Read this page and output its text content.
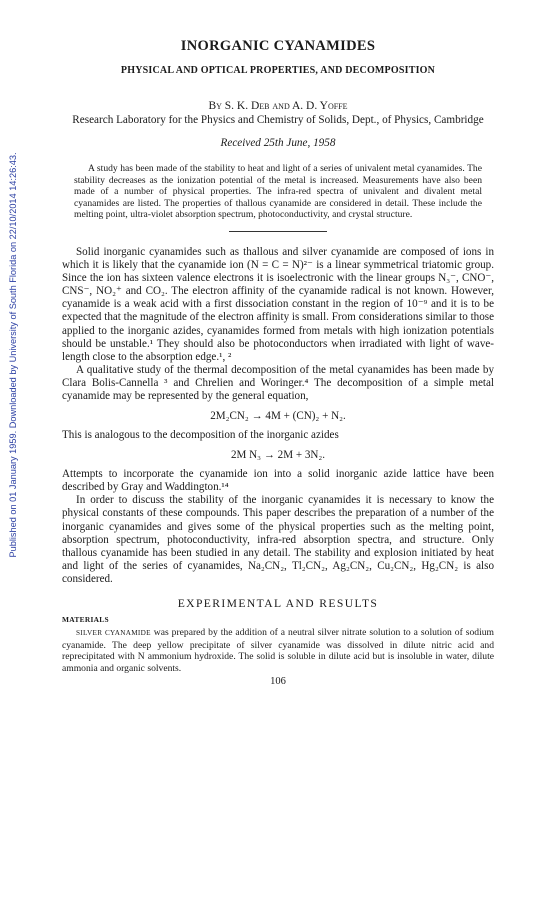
Published on 01 January 1959. Downloaded by University of South Florida on 22/10/2014 14:26:43.
INORGANIC CYANAMIDES
PHYSICAL AND OPTICAL PROPERTIES, AND DECOMPOSITION
By S. K. Deb and A. D. Yoffe
Research Laboratory for the Physics and Chemistry of Solids, Dept., of Physics, Cambridge
Received 25th June, 1958

A study has been made of the stability to heat and light of a series of univalent metal cyanamides. The stability decreases as the ionization potential of the metal is increased. Measurements have also been made of a number of physical properties. The infra-red spectra of univalent and divalent metal cyanamides are listed. The properties of thallous cyanamide are considered in detail. These include the melting point, ultra-violet absorption spectrum, photoconductivity, and crystal structure.

Solid inorganic cyanamides such as thallous and silver cyanamide are composed of ions in which it is likely that the cyanamide ion (N = C = N)²⁻ is a linear symmetrical triatomic group. Since the ion has sixteen valence electrons it is isoelectronic with the linear groups N₃⁻, CNO⁻, CNS⁻, NO₂⁺ and CO₂. The electron affinity of the cyanamide radical is not known. However, cyanamide is a weak acid with a first dissociation constant in the region of 10⁻⁹ and it is to be expected that the magnitude of the electron affinity is small. From considerations similar to those applied to the inorganic azides, cyanamides formed from metals with high ionization potentials should be unstable.¹ They should also be photoconductors when irradiated with light of wave-length close to the absorption edge.¹, ²

A qualitative study of the thermal decomposition of the metal cyanamides has been made by Clara Bolis-Cannella ³ and Chrelien and Woringer.⁴ The decomposition of a simple metal cyanamide may be represented by the general equation,

2M₂CN₂ → 4M + (CN)₂ + N₂.

This is analogous to the decomposition of the inorganic azides

2M N₃ → 2M + 3N₂.

Attempts to incorporate the cyanamide ion into a solid inorganic azide lattice have been described by Gray and Waddington.¹⁴

In order to discuss the stability of the inorganic cyanamides it is necessary to know the physical constants of these compounds. This paper describes the preparation of a number of the inorganic cyanamides and gives some of the physical properties such as the melting point, absorption spectrum, photoconductivity, infra-red absorption spectra, and structure. Only thallous cyanamide has been studied in any detail. The stability and explosion initiated by heat and light of the series of cyanamides, Na₂CN₂, Tl₂CN₂, Ag₂CN₂, Cu₂CN₂, Hg₂CN₂ is also considered.

EXPERIMENTAL AND RESULTS
MATERIALS

SILVER CYANAMIDE was prepared by the addition of a neutral silver nitrate solution to a solution of sodium cyanamide. The deep yellow precipitate of silver cyanamide was dissolved in dilute nitric acid and reprecipitated with N ammonium hydroxide. The solid is soluble in dilute acid but is insoluble in water, dilute ammonia and organic solvents.

106
